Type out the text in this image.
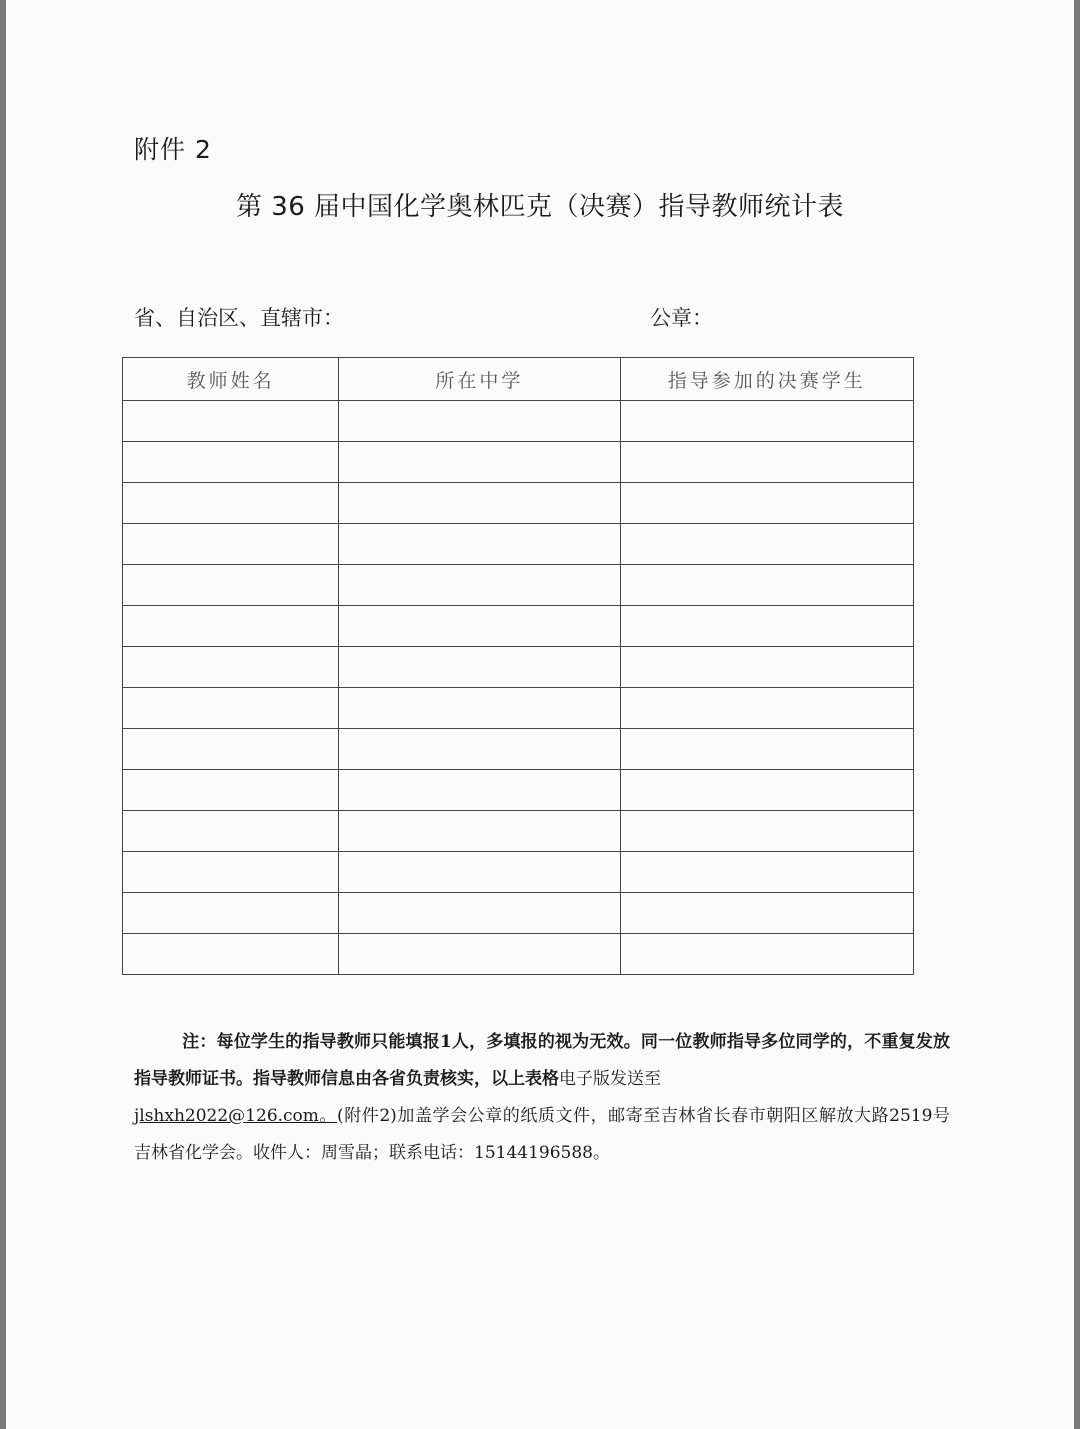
附件 2
第 36 届中国化学奥林匹克（决赛）指导教师统计表
省、自治区、直辖市：	公章：
教师姓名	所在中学	指导参加的决赛学生

注：每位学生的指导教师只能填报1人，多填报的视为无效。同一位教师指导多位同学的，不重复发放指导教师证书。指导教师信息由各省负责核实，以上表格电子版发送至
jlshxh2022@126.com。(附件2)加盖学会公章的纸质文件，邮寄至吉林省长春市朝阳区解放大路2519号 吉林省化学会。收件人：周雪晶；联系电话：15144196588。
